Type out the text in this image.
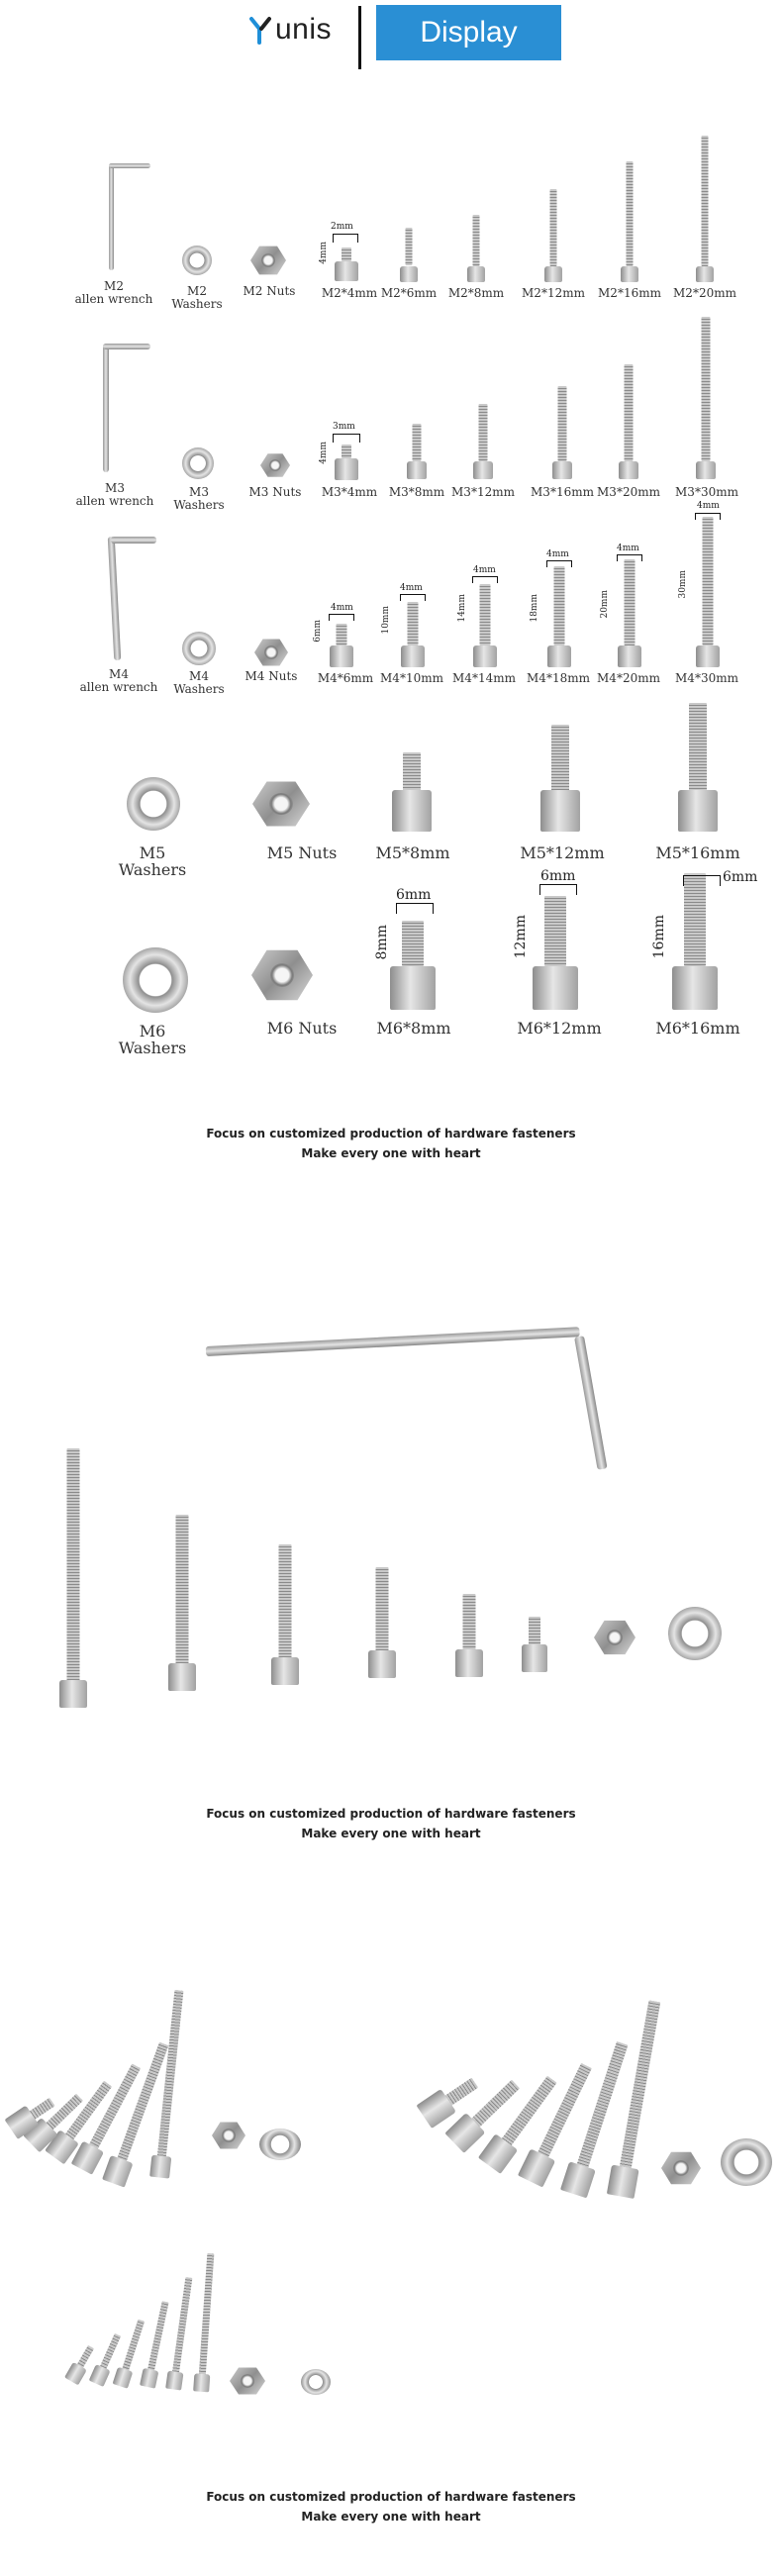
unis	Display
M2
allen wrench
M2
Washers
M2 Nuts
2mm
4mm
M2*4mm M2*6mm M2*8mm	M2*12mm M2*16mm M2*20mm
M3
allen wrench
M3
Washers
M3 Nuts
3mm
4mm
M3*4mm M3*8mm M3*12mm M3*16mm M3*20mm M3*30mm
M4
allen wrench
M4
Washers
M4 Nuts
4mm
6mm
4mm
10mm
4mm
14mm
4mm
18mm
4mm
20mm
4mm
30mm
M4*6mm M4*10mm M4*14mm M4*18mm M4*20mm M4*30mm
M5
Washers
M5 Nuts	M5*8mm	M5*12mm	M5*16mm
M6
Washers
M6 Nuts
6mm
8mm
6mm
12mm
6mm
16mm
M6*8mm	M6*12mm	M6*16mm
Focus on customized production of hardware fasteners
Make every one with heart
Focus on customized production of hardware fasteners
Make every one with heart
Focus on customized production of hardware fasteners
Make every one with heart
